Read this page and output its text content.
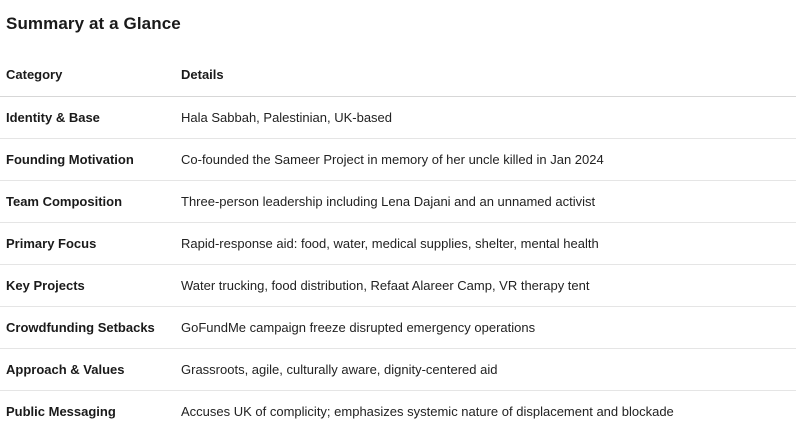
Summary at a Glance
Category	Details
Identity & Base	Hala Sabbah, Palestinian, UK-based
Founding Motivation	Co-founded the Sameer Project in memory of her uncle killed in Jan 2024
Team Composition	Three-person leadership including Lena Dajani and an unnamed activist
Primary Focus	Rapid-response aid: food, water, medical supplies, shelter, mental health
Key Projects	Water trucking, food distribution, Refaat Alareer Camp, VR therapy tent
Crowdfunding Setbacks	GoFundMe campaign freeze disrupted emergency operations
Approach & Values	Grassroots, agile, culturally aware, dignity-centered aid
Public Messaging	Accuses UK of complicity; emphasizes systemic nature of displacement and blockade
